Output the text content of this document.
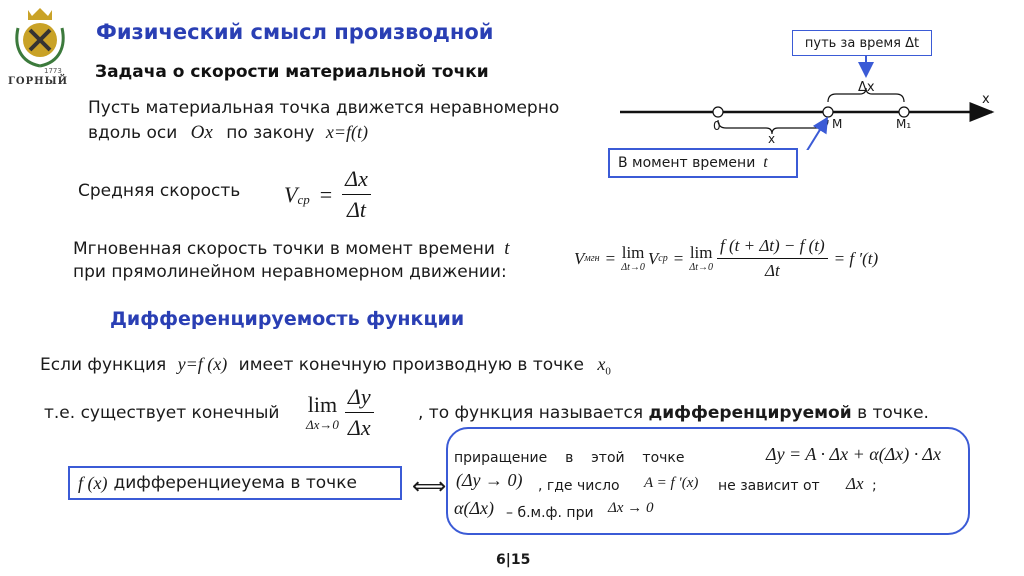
1773
ГОРНЫЙ
Физический смысл производной
Задача о скорости материальной точки
Пусть материальная точка движется неравномерно
вдоль оси Ox по закону x=f(t)
путь за время Δt
Δx
x
0
x
M	M₁
В момент времени t
Средняя скорость $V_{cp} = \frac{\Delta x}{\Delta t}$
Мгновенная скорость точки в момент времени t
при прямолинейном неравномерном движении:
V мгн = lim
Δt→0 V cp = lim
$\Delta t\to 0 \frac{f (t + \Delta t) - f (t)}{\Delta t} = f$ ′(t)
Дифференцируемость функции
Если функция y=f (x) имеет конечную производную в точке $x_0$
т.е. существует конечный lim
$\Delta x\to 0 \frac{\Delta y}{\Delta x}$	, то функция называется дифференцируемой в точке.
f (x) дифференциеуема в точке ⟺
приращение    в    этой    точке	Δy = A · Δx + α(Δx) · Δx
(Δy → 0) , где число A = f ′(x) не зависит от Δx ;
α(Δx) – б.м.ф. при Δx → 0
6|15
